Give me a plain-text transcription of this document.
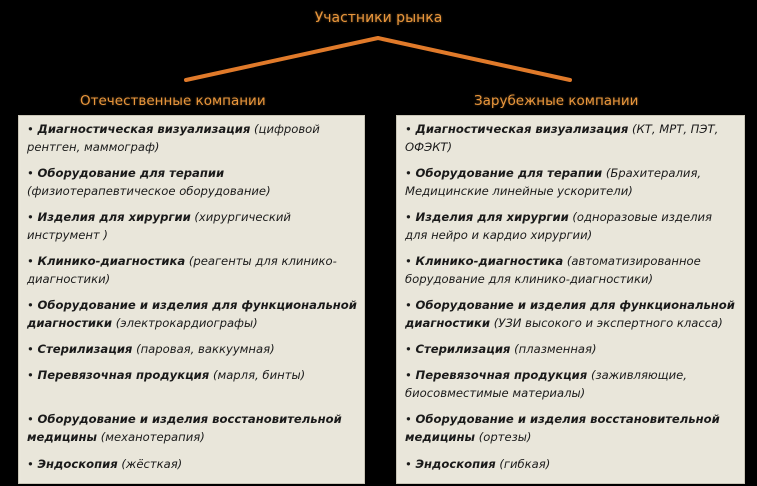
Участники рынка
Отечественные компании	Зарубежные компании
• Диагностическая визуализация (цифровой рентген, маммограф)
• Оборудование для терапии (физиотерапевтическое оборудование)
• Изделия для хирургии (хирургический инструмент )
• Клинико-диагностика (реагенты для клинико-диагностики)
• Оборудование и изделия для функциональной диагностики (электрокардиографы)
• Стерилизация (паровая, ваккуумная)
• Перевязочная продукция (марля, бинты)
• Оборудование и изделия восстановительной медицины (механотерапия)
• Эндоскопия (жёсткая)
• Диагностическая визуализация (КТ, МРТ, ПЭТ, ОФЭКТ)
• Оборудование для терапии (Брахитералия, Медицинские линейные ускорители)
• Изделия для хирургии (одноразовые изделия для нейро и кардио хирургии)
• Клинико-диагностика (автоматизированное борудование для клинико-диагностики)
• Оборудование и изделия для функциональной диагностики (УЗИ высокого и экспертного класса)
• Стерилизация (плазменная)
• Перевязочная продукция (заживляющие, биосовместимые материалы)
• Оборудование и изделия восстановительной медицины (ортезы)
• Эндоскопия (гибкая)
